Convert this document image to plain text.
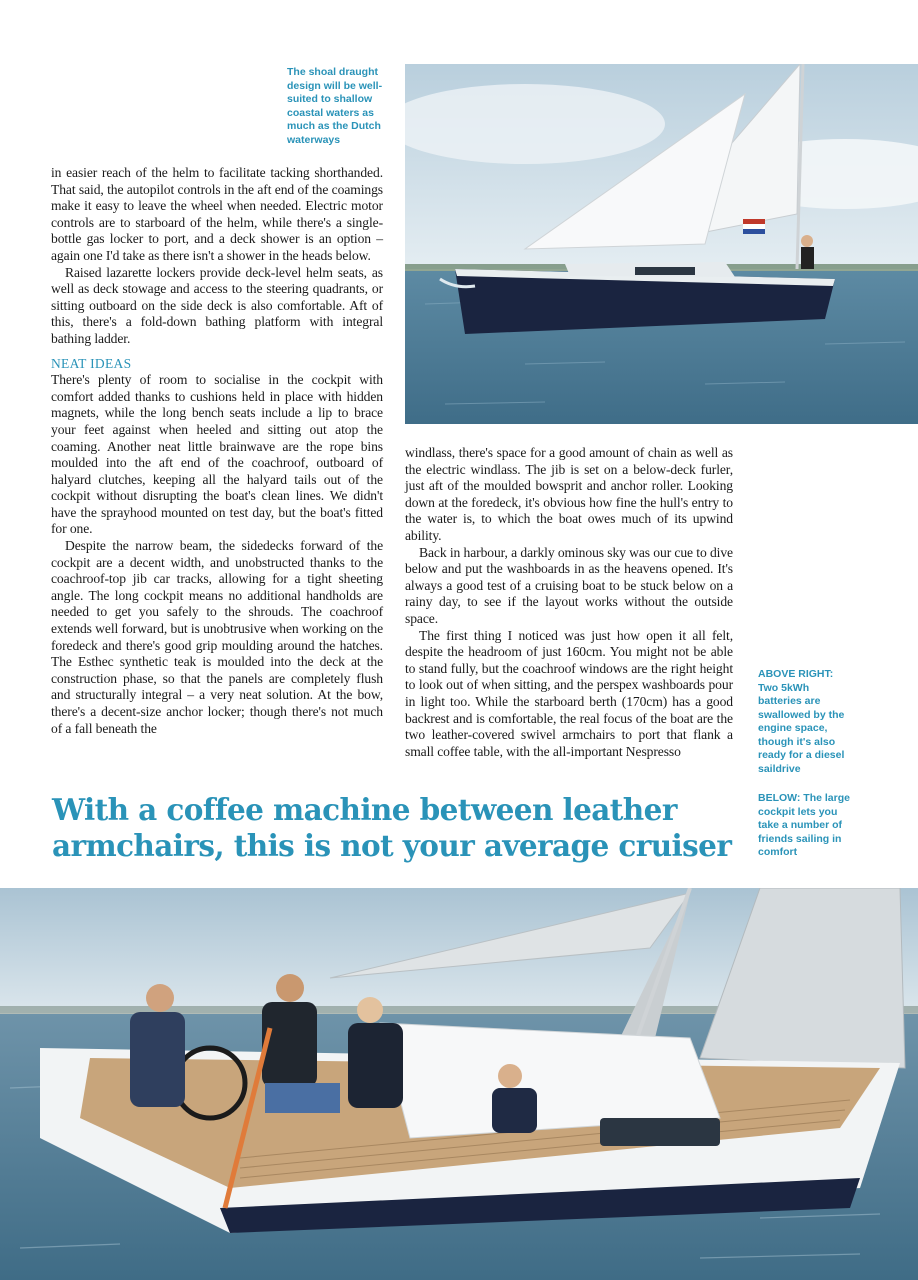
The shoal draught design will be well-suited to shallow coastal waters as much as the Dutch waterways

in easier reach of the helm to facilitate tacking shorthanded. That said, the autopilot controls in the aft end of the coamings make it easy to leave the wheel when needed. Electric motor controls are to starboard of the helm, while there's a single-bottle gas locker to port, and a deck shower is an option – again one I'd take as there isn't a shower in the heads below.

Raised lazarette lockers provide deck-level helm seats, as well as deck stowage and access to the steering quadrants, or sitting outboard on the side deck is also comfortable. Aft of this, there's a fold-down bathing platform with integral bathing ladder.

NEAT IDEAS

There's plenty of room to socialise in the cockpit with comfort added thanks to cushions held in place with hidden magnets, while the long bench seats include a lip to brace your feet against when heeled and sitting out atop the coaming. Another neat little brainwave are the rope bins moulded into the aft end of the coachroof, outboard of halyard clutches, keeping all the halyard tails out of the cockpit without disrupting the boat's clean lines. We didn't have the sprayhood mounted on test day, but the boat's fitted for one.

Despite the narrow beam, the sidedecks forward of the cockpit are a decent width, and unobstructed thanks to the coachroof-top jib car tracks, allowing for a tight sheeting angle. The long cockpit means no additional handholds are needed to get you safely to the shrouds. The coachroof extends well forward, but is unobtrusive when working on the foredeck and there's good grip moulding around the hatches. The Esthec synthetic teak is moulded into the deck at the construction phase, so that the panels are completely flush and structurally integral – a very neat solution. At the bow, there's a decent-size anchor locker; though there's not much of a fall beneath the

windlass, there's space for a good amount of chain as well as the electric windlass. The jib is set on a below-deck furler, just aft of the moulded bowsprit and anchor roller. Looking down at the foredeck, it's obvious how fine the hull's entry to the water is, to which the boat owes much of its upwind ability.

Back in harbour, a darkly ominous sky was our cue to dive below and put the washboards in as the heavens opened. It's always a good test of a cruising boat to be stuck below on a rainy day, to see if the layout works without the outside space.

The first thing I noticed was just how open it all felt, despite the headroom of just 160cm. You might not be able to stand fully, but the coachroof windows are the right height to look out of when sitting, and the perspex washboards pour in light too. While the starboard berth (170cm) has a good backrest and is comfortable, the real focus of the boat are the two leather-covered swivel armchairs to port that flank a small coffee table, with the all-important Nespresso

ABOVE RIGHT: Two 5kWh batteries are swallowed by the engine space, though it's also ready for a diesel saildrive

BELOW: The large cockpit lets you take a number of friends sailing in comfort

With a coffee machine between leather armchairs, this is not your average cruiser
